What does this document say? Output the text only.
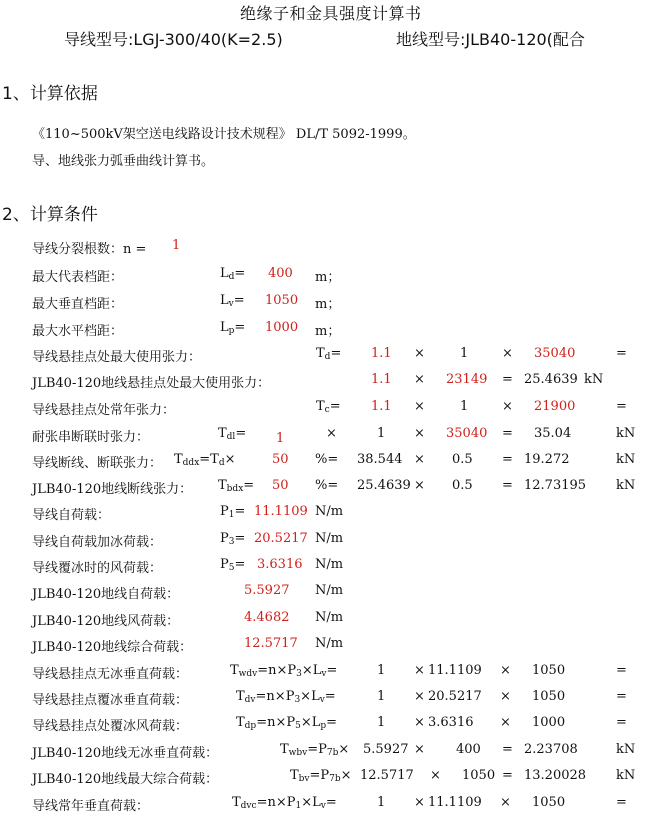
绝缘子和金具强度计算书
导线型号:LGJ-300/40(K=2.5)	地线型号:JLB40-120(配合
1、计算依据
《110~500kV架空送电线路设计技术规程》 DL/T 5092-1999。
导、地线张力弧垂曲线计算书。
2、计算条件
导线分裂根数：n = 1
最大代表档距：	$L_d= 400$ m；
最大垂直档距：	$L_v= 1050$ m；
最大水平档距：	$L_p= 1000$ m；
导线悬挂点处最大使用张力：	$T_d= 1.1$ ×	1	× 35040	=
JLB40-120地线悬挂点处最大使用张力：	1.1 × 23149 = 25.4639 kN
导线悬挂点处常年张力：	$T_c= 1.1$ ×	1	× 21900	=
耐张串断联时张力：	$T_{dl}= 1$	×	1 × 35040 = 35.04	kN
导线断线、断联张力： $T_{ddx}=T_d\times$	50 %= 38.544 × 0.5 = 19.272	kN
JLB40-120地线断线张力： $T_{bdx}= 50$ %= 25.4639 × 0.5 = 12.73195 kN
导线自荷载：	$P_1= 11.1109$ N/m
导线自荷载加冰荷载：	$P_3= 20.5217$ N/m
导线覆冰时的风荷载：	$P_5= 3.6316$ N/m
JLB40-120地线自荷载：	5.5927 N/m
JLB40-120地线风荷载：	4.4682 N/m
JLB40-120地线综合荷载：	12.5717 N/m
导线悬挂点无冰垂直荷载：	$T_{wdv}=n\times P_3\times L_v=$	1 × 11.1109 × 1050	=
导线悬挂点覆冰垂直荷载：	$T_{dv}=n\times P_3\times L_v=$	1 × 20.5217 × 1050	=
导线悬挂点处覆冰风荷载：	$T_{dp}=n\times P_5\times L_p=$	1 × 3.6316 × 1000	=
JLB40-120地线无冰垂直荷载：	$T_{wbv}=P_{7b}\times 5.5927 \times 400 = 2.23708$	kN
JLB40-120地线最大综合荷载：	$T_{bv}=P_{7b}\times 12.5717 \times 1050 = 13.20028$ kN
导线常年垂直荷载：	$T_{dvc}=n\times P_1\times L_v=$	1 × 11.1109 × 1050	=
